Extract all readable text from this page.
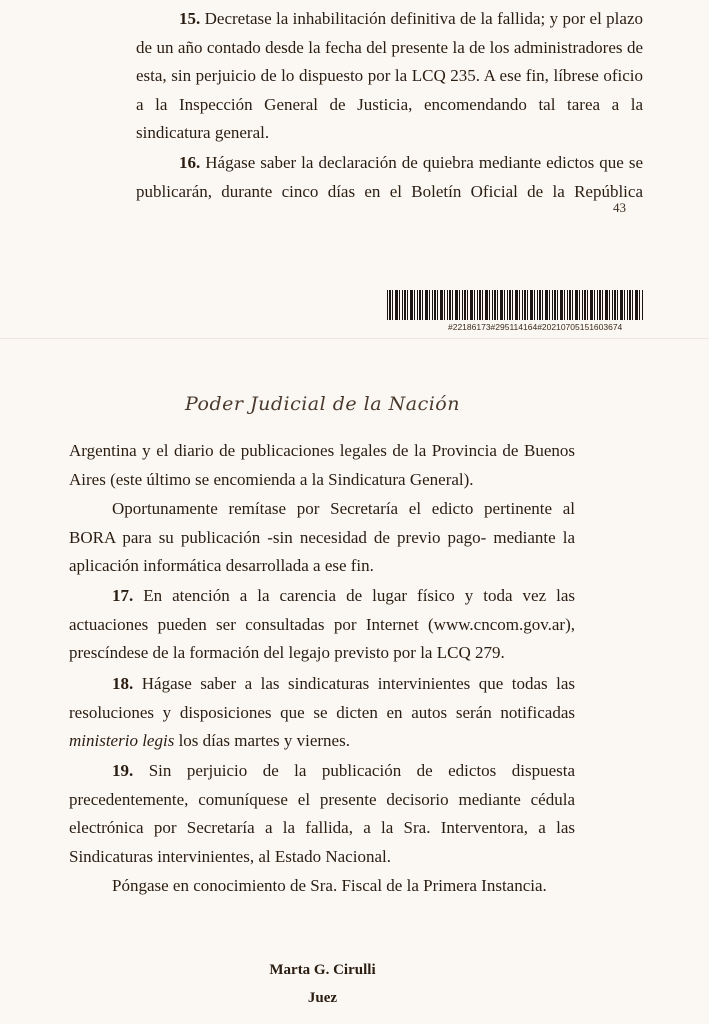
15. Decretase la inhabilitación definitiva de la fallida; y por el plazo de un año contado desde la fecha del presente la de los administradores de esta, sin perjuicio de lo dispuesto por la LCQ 235. A ese fin, líbrese oficio a la Inspección General de Justicia, encomendando tal tarea a la sindicatura general.

16. Hágase saber la declaración de quiebra mediante edictos que se publicarán, durante cinco días en el Boletín Oficial de la República

43
#22186173#295114164#20210705151603674
Poder Judicial de la Nación

Argentina y el diario de publicaciones legales de la Provincia de Buenos Aires (este último se encomienda a la Sindicatura General).

Oportunamente remítase por Secretaría el edicto pertinente al BORA para su publicación -sin necesidad de previo pago- mediante la aplicación informática desarrollada a ese fin.

17. En atención a la carencia de lugar físico y toda vez las actuaciones pueden ser consultadas por Internet (www.cncom.gov.ar), prescíndese de la formación del legajo previsto por la LCQ 279.

18. Hágase saber a las sindicaturas intervinientes que todas las resoluciones y disposiciones que se dicten en autos serán notificadas ministerio legis los días martes y viernes.

19. Sin perjuicio de la publicación de edictos dispuesta precedentemente, comuníquese el presente decisorio mediante cédula electrónica por Secretaría a la fallida, a la Sra. Interventora, a las Sindicaturas intervinientes, al Estado Nacional.

Póngase en conocimiento de Sra. Fiscal de la Primera Instancia.

Marta G. Cirulli
Juez
